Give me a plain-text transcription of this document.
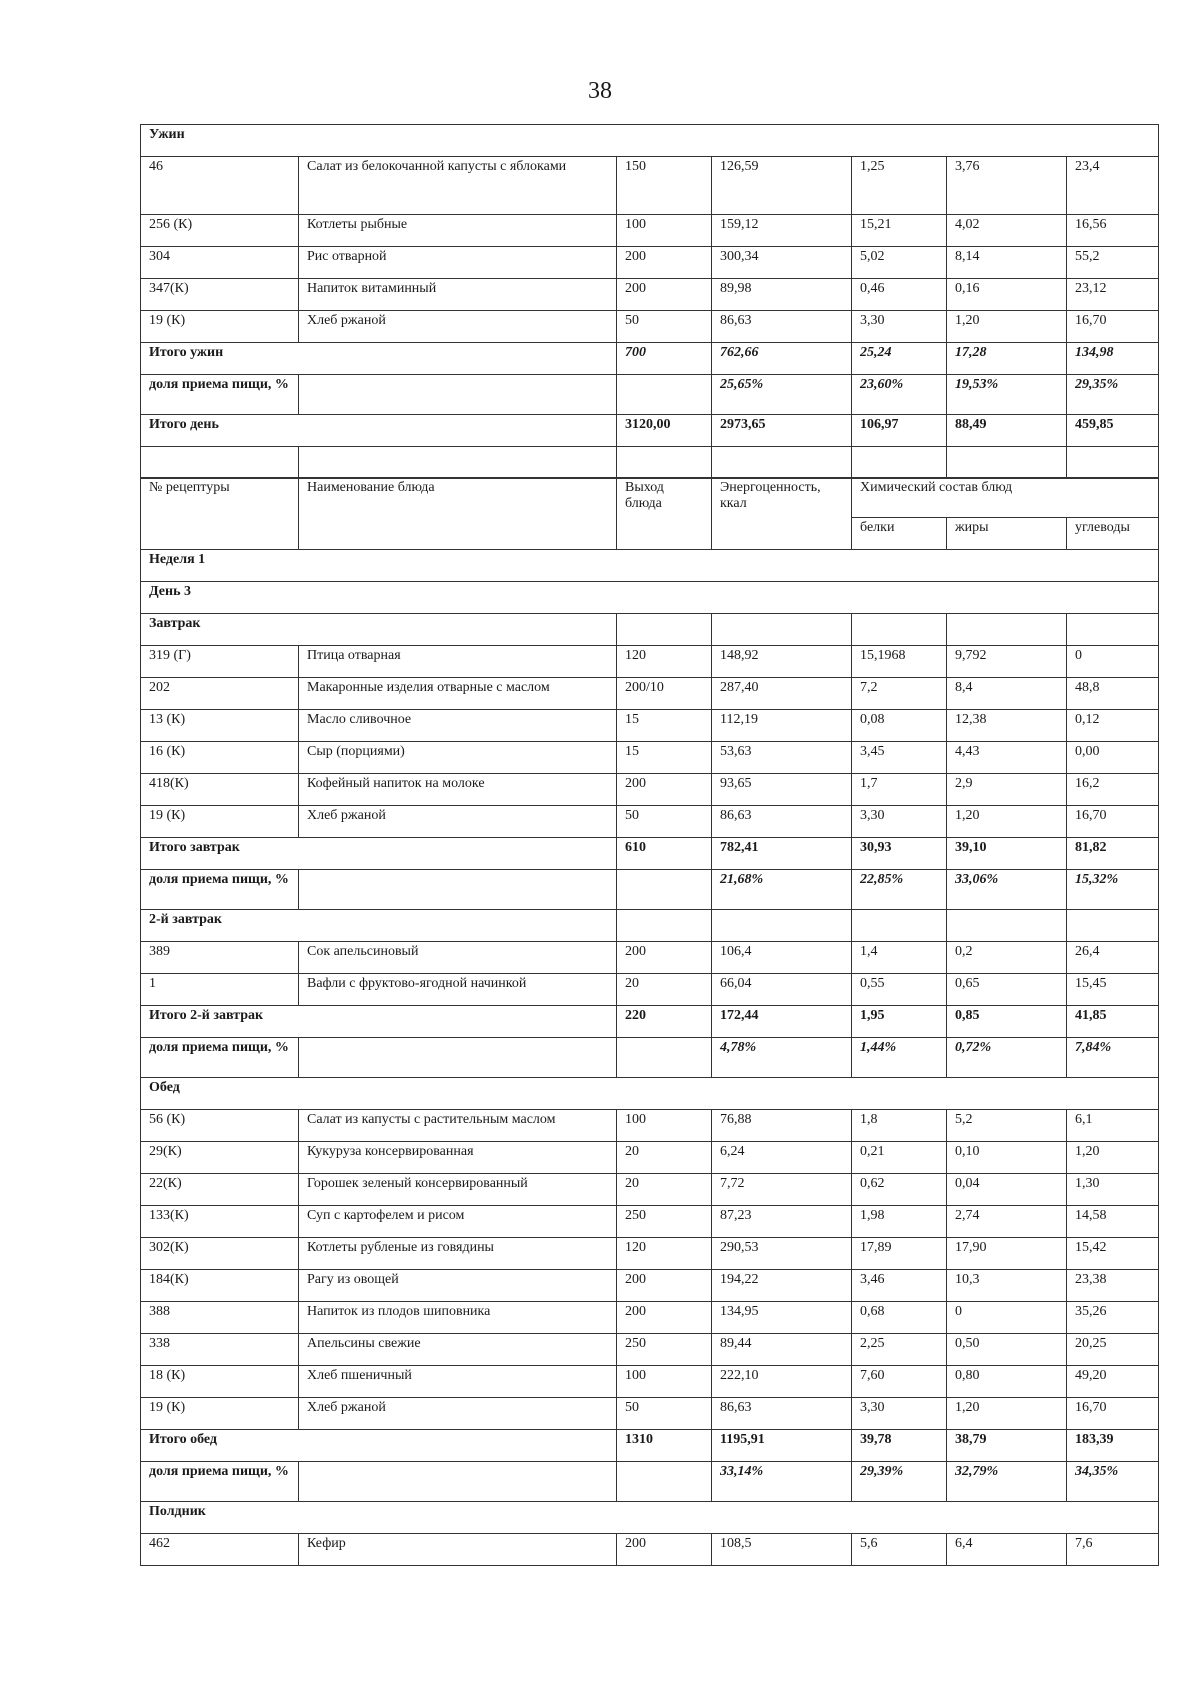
38
Ужин						
46	Салат из белокочанной капусты с яблоками	150	126,59	1,25	3,76	23,4
256 (К)	Котлеты рыбные	100	159,12	15,21	4,02	16,56
304	Рис отварной	200	300,34	5,02	8,14	55,2
347(К)	Напиток витаминный	200	89,98	0,46	0,16	23,12
19 (К)	Хлеб ржаной	50	86,63	3,30	1,20	16,70
Итого ужин		700	762,66	25,24	17,28	134,98
доля приема пищи, %			25,65%	23,60%	19,53%	29,35%
Итого день		3120,00	2973,65	106,97	88,49	459,85

№ рецептуры	Наименование блюда	Выход блюда	Энергоценность, ккал	Химический состав блюд		
				белки	жиры	углеводы
Неделя 1						
День 3						
Завтрак						
319 (Г)	Птица отварная	120	148,92	15,1968	9,792	0
202	Макаронные изделия отварные с маслом	200/10	287,40	7,2	8,4	48,8
13 (К)	Масло сливочное	15	112,19	0,08	12,38	0,12
16 (К)	Сыр (порциями)	15	53,63	3,45	4,43	0,00
418(К)	Кофейный напиток на молоке	200	93,65	1,7	2,9	16,2
19 (К)	Хлеб ржаной	50	86,63	3,30	1,20	16,70
Итого завтрак		610	782,41	30,93	39,10	81,82
доля приема пищи, %			21,68%	22,85%	33,06%	15,32%
2-й завтрак						
389	Сок апельсиновый	200	106,4	1,4	0,2	26,4
1	Вафли с фруктово-ягодной начинкой	20	66,04	0,55	0,65	15,45
Итого 2-й завтрак		220	172,44	1,95	0,85	41,85
доля приема пищи, %			4,78%	1,44%	0,72%	7,84%
Обед						
56 (К)	Салат из капусты с растительным маслом	100	76,88	1,8	5,2	6,1
29(К)	Кукуруза консервированная	20	6,24	0,21	0,10	1,20
22(К)	Горошек зеленый консервированный	20	7,72	0,62	0,04	1,30
133(К)	Суп с картофелем и рисом	250	87,23	1,98	2,74	14,58
302(К)	Котлеты рубленые из говядины	120	290,53	17,89	17,90	15,42
184(К)	Рагу из овощей	200	194,22	3,46	10,3	23,38
388	Напиток из плодов шиповника	200	134,95	0,68	0	35,26
338	Апельсины свежие	250	89,44	2,25	0,50	20,25
18 (К)	Хлеб пшеничный	100	222,10	7,60	0,80	49,20
19 (К)	Хлеб ржаной	50	86,63	3,30	1,20	16,70
Итого обед		1310	1195,91	39,78	38,79	183,39
доля приема пищи, %			33,14%	29,39%	32,79%	34,35%
Полдник						
462	Кефир	200	108,5	5,6	6,4	7,6
